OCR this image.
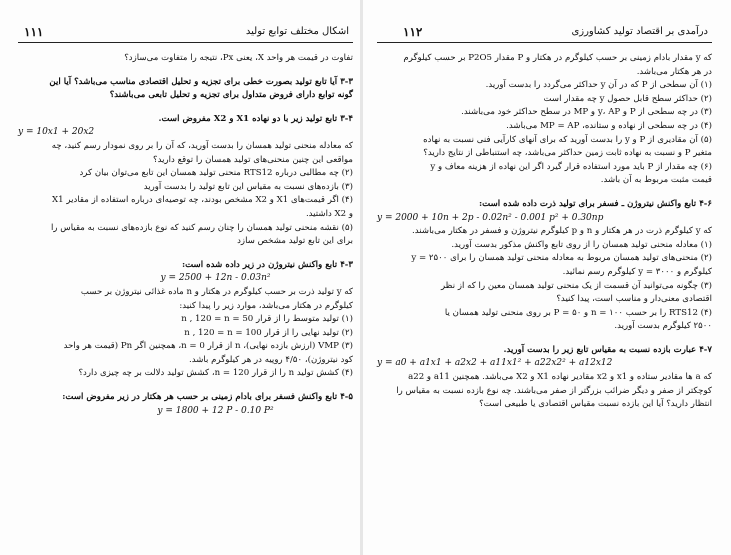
۱۱۱	اشکال مختلف توابع تولید

تفاوت در قیمت هر واحد X، یعنی Px، نتیجه را متفاوت می‌سازد؟

۳-۳ آیا تابع تولید بصورت خطی برای تجزیه و تحلیل اقتصادی مناسب می‌باشد؟ آیا این

گونه توابع دارای فروض متداول برای تجزیه و تحلیل تابعی می‌باشند؟

۳-۴ تابع تولید زیر با دو نهاده X1 و X2 مفروض است.

y = 10x1 + 20x2

که معادله منحنی تولید همسان را بدست آورید، که آن را بر روی نمودار رسم کنید، چه

مواقعی این چنین منحنی‌های تولید همسان را توقع دارید؟

(۲) چه مطالبی درباره RTS12 منحنی تولید همسان این تابع می‌توان بیان کرد

(۳) بازده‌های نسبت به مقیاس این تابع تولید را بدست آورید

(۴) اگر قیمت‌های X1 و X2 مشخص بودند، چه توصیه‌ای درباره استفاده از مقادیر X1

و X2 داشتید.

(۵) نقشه منحنی تولید همسان را چنان رسم کنید که نوع بازده‌های نسبت به مقیاس را

برای این تابع تولید مشخص سازد

۴-۳ تابع واکنش نیتروژن در زیر داده شده است:

y = 2500 + 12n - 0.03n²

که y تولید ذرت بر حسب کیلوگرم در هکتار و n ماده غذائی نیتروژن بر حسب

کیلوگرم در هکتار می‌باشد، موارد زیر را پیدا کنید:

(۱) تولید متوسط را از قرار 50 = n , 120 = n

(۲) تولید نهایی را از قرار 100 = n , 120 = n

(۳) VMP (ارزش بازده نهایی)، n از قرار 0 = n، همچنین اگر Pn (قیمت هر واحد

کود نیتروژن)، ۴/۵۰ روپیه در هر کیلوگرم باشد.

(۴) کشش تولید n را از قرار 120 = n، کشش تولید دلالت بر چه چیزی دارد؟

۴-۵ تابع واکنش فسفر برای بادام زمینی بر حسب هر هکتار در زیر مفروض است:

y = 1800 + 12 P - 0.10 P²

۱۱۲	درآمدی بر اقتصاد تولید کشاورزی

که y مقدار بادام زمینی بر حسب کیلوگرم در هکتار و P مقدار P2O5 بر حسب کیلوگرم

در هر هکتار می‌باشد.

(۱) آن سطحی از P که در آن y حداکثر می‌گردد را بدست آورید.

(۲) حداکثر سطح قابل حصول y چه مقدار است

(۳) در چه سطحی از P و y، AP و MP در سطح حداکثر خود می‌باشند.

(۴) در چه سطحی از نهاده و ستانده، MP = AP می‌باشد.

(۵) آن مقادیری از P و y را بدست آورید که برای آنهای کارآیی فنی نسبت به نهاده

متغیر P و نسبت به نهاده ثابت زمین حداکثر می‌باشد، چه استنباطی از نتایج دارید؟

(۶) چه مقدار از P باید مورد استفاده قرار گیرد اگر این نهاده از هزینه معاف و y

قیمت مثبت مربوط به آن باشد.

۴-۶ تابع واکنش نیتروژن ـ فسفر برای تولید ذرت داده شده است:

y = 2000 + 10n + 2p - 0.02n² - 0.001 p² + 0.30np

که y کیلوگرم ذرت در هر هکتار و n و p کیلوگرم نیتروژن و فسفر در هکتار می‌باشند.

(۱) معادله منحنی تولید همسان را از روی تابع واکنش مذکور بدست آورید.

(۲) منحنی‌های تولید همسان مربوط به معادله منحنی تولید همسان را برای ۲۵۰۰ = y

کیلوگرم و ۳۰۰۰ = y کیلوگرم رسم نمائید.

(۳) چگونه می‌توانید آن قسمت از یک منحنی تولید همسان معین را که از نظر

اقتصادی معنی‌دار و مناسب است، پیدا کنید؟

(۴) RTS12 را بر حسب ۱۰۰ = n و ۵۰ = P بر روی منحنی تولید همسان یا

۲۵۰۰ کیلوگرم بدست آورید.

۴-۷ عبارت بازده نسبت به مقیاس تابع زیر را بدست آورید.

y = a0 + a1x1 + a2x2 + a11x1² + a22x2² + a12x12

که a ها مقادیر ستاده و x1 و x2 مقادیر نهاده X1 و X2 می‌باشد. همچنین a11 و a22

کوچکتر از صفر و دیگر ضرائب بزرگتر از صفر می‌باشند. چه نوع بازده نسبت به مقیاس را

انتظار دارید؟ آیا این بازده نسبت مقیاس اقتصادی یا طبیعی است؟
